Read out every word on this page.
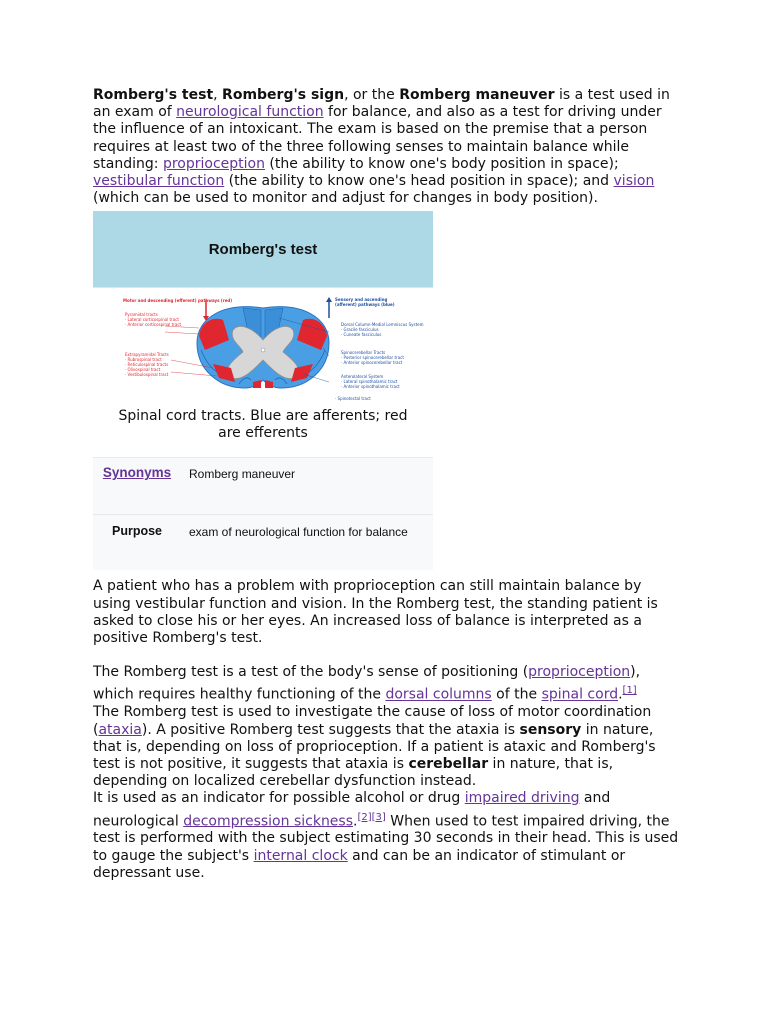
Romberg's test, Romberg's sign, or the Romberg maneuver is a test used in an exam of neurological function for balance, and also as a test for driving under the influence of an intoxicant. The exam is based on the premise that a person requires at least two of the three following senses to maintain balance while standing: proprioception (the ability to know one's body position in space); vestibular function (the ability to know one's head position in space); and vision (which can be used to monitor and adjust for changes in body position).

Romberg's test
Motor and descending (efferent) pathways (red)
Pyramidal tracts
· Lateral corticospinal tract
· Anterior corticospinal tract
Extrapyramidal Tracts
· Rubrospinal tract
· Reticulospinal tracts
· Olivospinal tract
· Vestibulospinal tract
Sensory and ascending (afferent) pathways (blue)
Dorsal Column-Medial Lemniscus System
· Gracile fasciculus
· Cuneate fasciculus
Spinocerebellar Tracts
· Posterior spinocerebellar tract
· Anterior spinocerebellar tract
Anterolateral System
· Lateral spinothalamic tract
· Anterior spinothalamic tract
· Spinotectal tract
Spinal cord tracts. Blue are afferents; red are efferents
Synonyms	Romberg maneuver
Purpose	exam of neurological function for balance

A patient who has a problem with proprioception can still maintain balance by using vestibular function and vision. In the Romberg test, the standing patient is asked to close his or her eyes. An increased loss of balance is interpreted as a positive Romberg's test.

The Romberg test is a test of the body's sense of positioning (proprioception), which requires healthy functioning of the dorsal columns of the spinal cord.[1]

The Romberg test is used to investigate the cause of loss of motor coordination (ataxia). A positive Romberg test suggests that the ataxia is sensory in nature, that is, depending on loss of proprioception. If a patient is ataxic and Romberg's test is not positive, it suggests that ataxia is cerebellar in nature, that is, depending on localized cerebellar dysfunction instead.

It is used as an indicator for possible alcohol or drug impaired driving and neurological decompression sickness.[2][3] When used to test impaired driving, the test is performed with the subject estimating 30 seconds in their head. This is used to gauge the subject's internal clock and can be an indicator of stimulant or depressant use.
